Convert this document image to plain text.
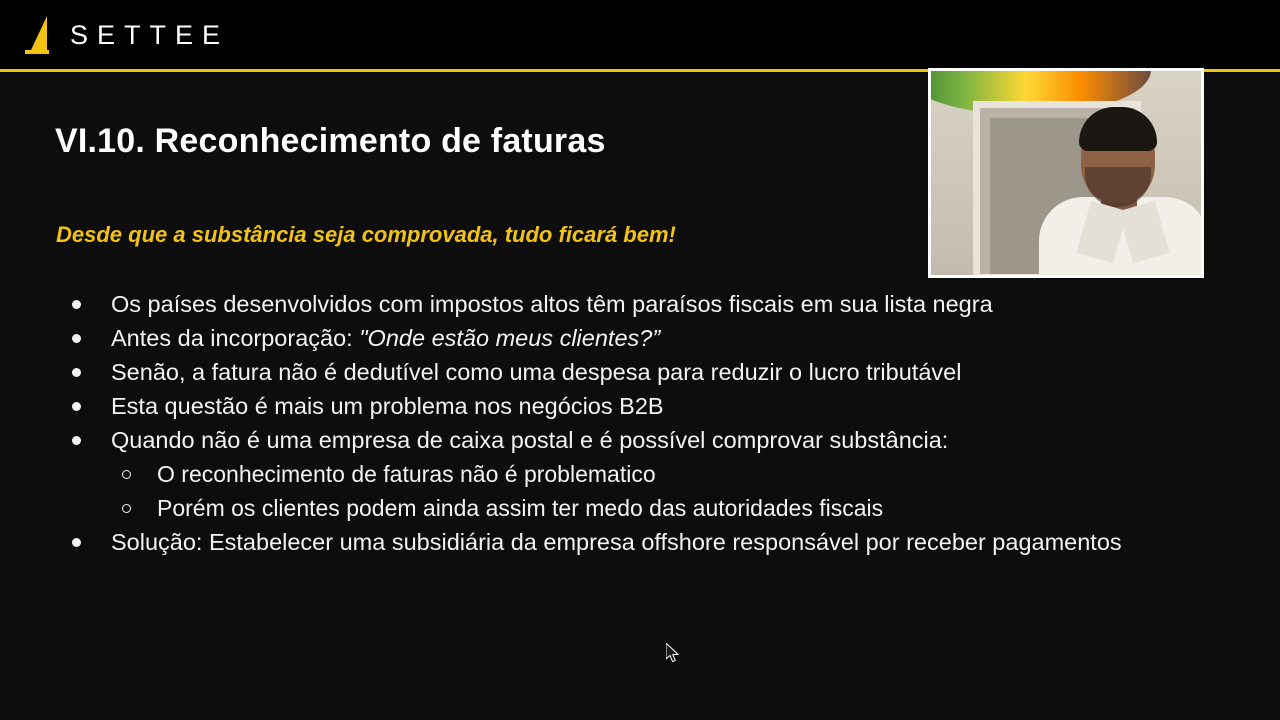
SETTEE
VI.10. Reconhecimento de faturas
Desde que a substância seja comprovada, tudo ficará bem!
Os países desenvolvidos com impostos altos têm paraísos fiscais em sua lista negra
Antes da incorporação: "Onde estão meus clientes?”
Senão, a fatura não é dedutível como uma despesa para reduzir o lucro tributável
Esta questão é mais um problema nos negócios B2B
Quando não é uma empresa de caixa postal e é possível comprovar substância:
O reconhecimento de faturas não é problematico
Porém os clientes podem ainda assim ter medo das autoridades fiscais
Solução: Estabelecer uma subsidiária da empresa offshore responsável por receber pagamentos
